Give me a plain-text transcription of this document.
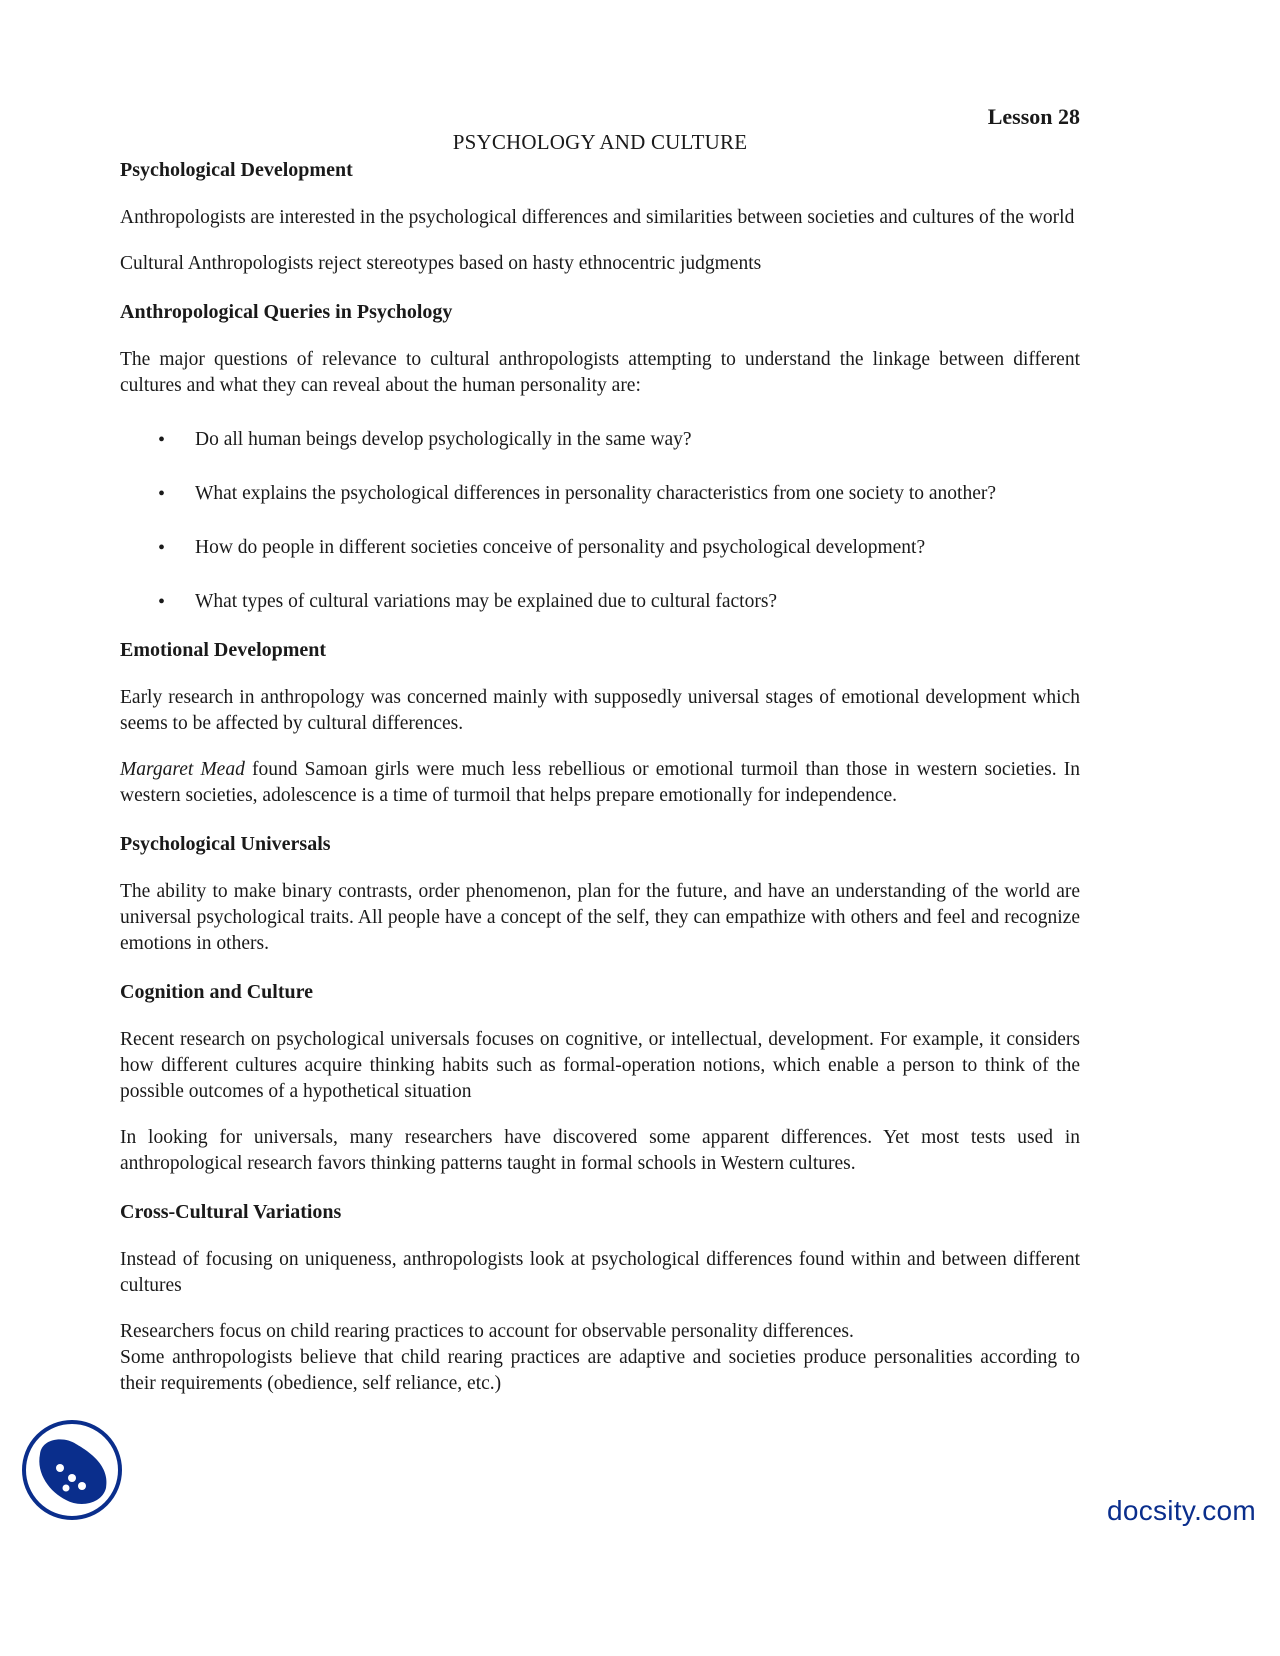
Lesson 28
PSYCHOLOGY AND CULTURE
Psychological Development

Anthropologists are interested in the psychological differences and similarities between societies and cultures of the world

Cultural Anthropologists reject stereotypes based on hasty ethnocentric judgments

Anthropological Queries in Psychology

The major questions of relevance to cultural anthropologists attempting to understand the linkage between different cultures and what they can reveal about the human personality are:

• Do all human beings develop psychologically in the same way?
• What explains the psychological differences in personality characteristics from one society to another?
• How do people in different societies conceive of personality and psychological development?
• What types of cultural variations may be explained due to cultural factors?
Emotional Development

Early research in anthropology was concerned mainly with supposedly universal stages of emotional development which seems to be affected by cultural differences.

Margaret Mead found Samoan girls were much less rebellious or emotional turmoil than those in western societies. In western societies, adolescence is a time of turmoil that helps prepare emotionally for independence.

Psychological Universals

The ability to make binary contrasts, order phenomenon, plan for the future, and have an understanding of the world are universal psychological traits. All people have a concept of the self, they can empathize with others and feel and recognize emotions in others.

Cognition and Culture

Recent research on psychological universals focuses on cognitive, or intellectual, development. For example, it considers how different cultures acquire thinking habits such as formal-operation notions, which enable a person to think of the possible outcomes of a hypothetical situation

In looking for universals, many researchers have discovered some apparent differences. Yet most tests used in anthropological research favors thinking patterns taught in formal schools in Western cultures.

Cross-Cultural Variations

Instead of focusing on uniqueness, anthropologists look at psychological differences found within and between different cultures

Researchers focus on child rearing practices to account for observable personality differences.

Some anthropologists believe that child rearing practices are adaptive and societies produce personalities according to their requirements (obedience, self reliance, etc.)

docsity.com
